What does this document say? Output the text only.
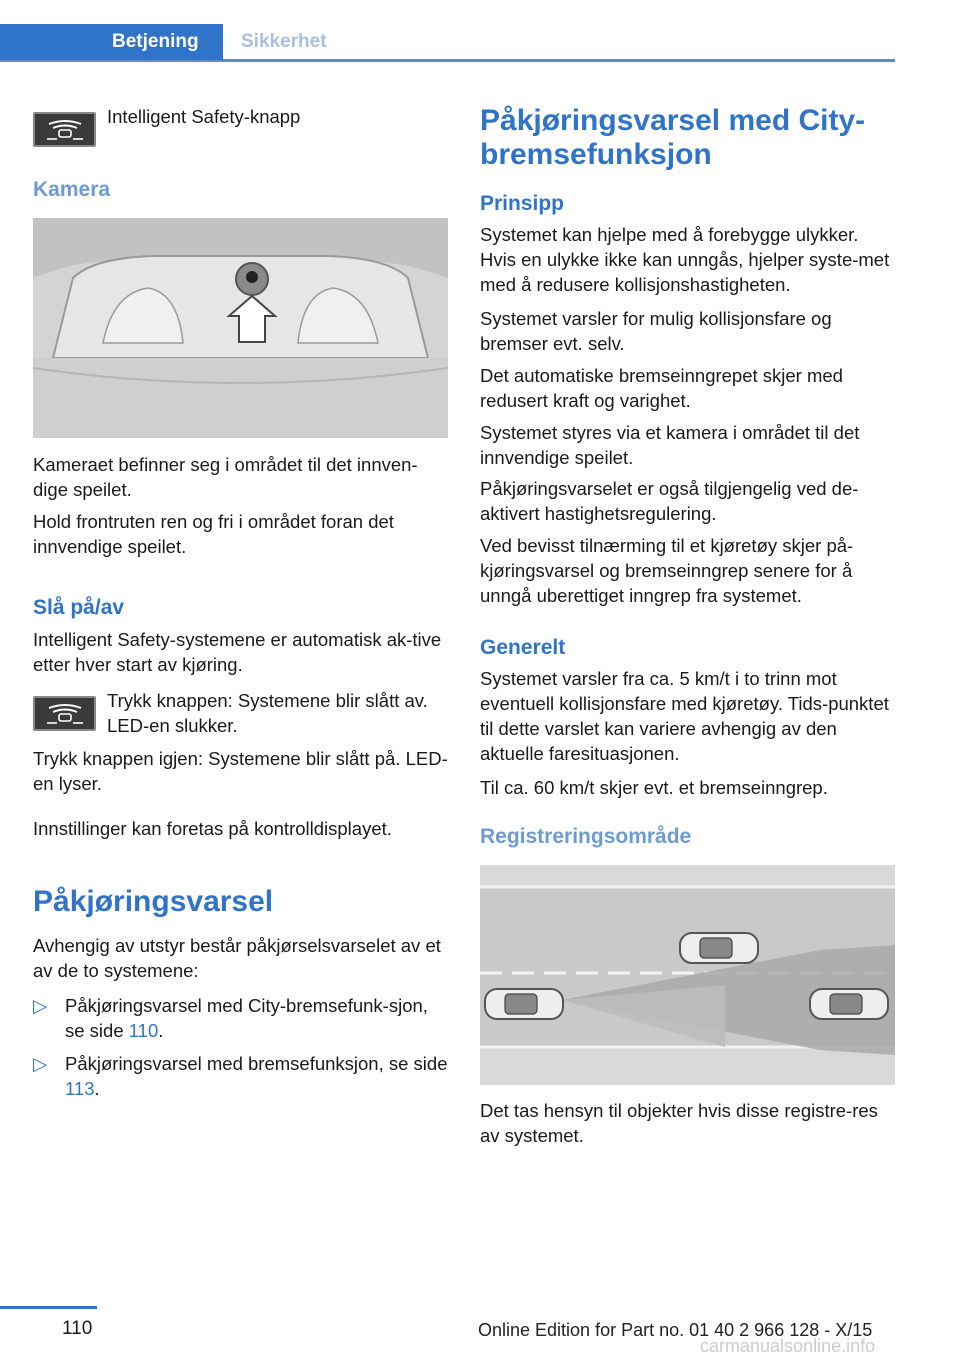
Betjening	Sikkerhet
Intelligent Safety-knapp
Kamera

Kameraet befinner seg i området til det innven-dige speilet.

Hold frontruten ren og fri i området foran det innvendige speilet.

Slå på/av

Intelligent Safety-systemene er automatisk ak-tive etter hver start av kjøring.

Trykk knappen: Systemene blir slått av. LED-en slukker.

Trykk knappen igjen: Systemene blir slått på. LED-en lyser.

Innstillinger kan foretas på kontrolldisplayet.

Påkjøringsvarsel

Avhengig av utstyr består påkjørselsvarselet av et av de to systemene:

▷ Påkjøringsvarsel med City-bremsefunk-sjon, se side 110.
▷ Påkjøringsvarsel med bremsefunksjon, se side 113.
Påkjøringsvarsel med City-bremsefunksjon
Prinsipp

Systemet kan hjelpe med å forebygge ulykker. Hvis en ulykke ikke kan unngås, hjelper syste-met med å redusere kollisjonshastigheten.

Systemet varsler for mulig kollisjonsfare og bremser evt. selv.

Det automatiske bremseinngrepet skjer med redusert kraft og varighet.

Systemet styres via et kamera i området til det innvendige speilet.

Påkjøringsvarselet er også tilgjengelig ved de-aktivert hastighetsregulering.

Ved bevisst tilnærming til et kjøretøy skjer på-kjøringsvarsel og bremseinngrep senere for å unngå uberettiget inngrep fra systemet.

Generelt

Systemet varsler fra ca. 5 km/t i to trinn mot eventuell kollisjonsfare med kjøretøy. Tids-punktet til dette varslet kan variere avhengig av den aktuelle faresituasjonen.

Til ca. 60 km/t skjer evt. et bremseinngrep.

Registreringsområde

Det tas hensyn til objekter hvis disse registre-res av systemet.

110	Online Edition for Part no. 01 40 2 966 128 - X/15
carmanualsonline.info
